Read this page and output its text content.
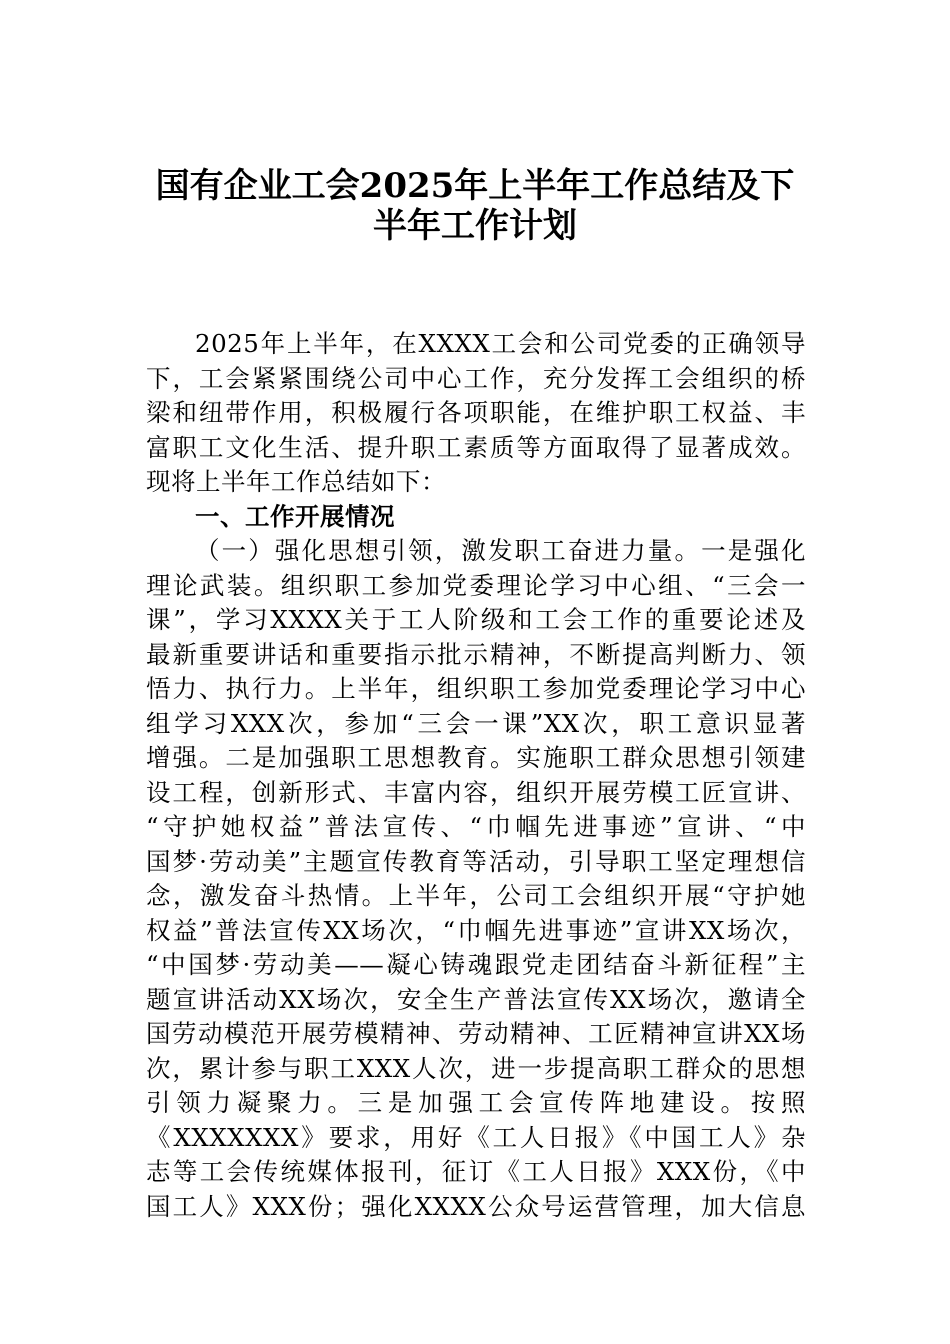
国有企业工会2025年上半年工作总结及下
半年工作计划
2025年上半年，在XXXX工会和公司党委的正确领导
下，工会紧紧围绕公司中心工作，充分发挥工会组织的桥
梁和纽带作用，积极履行各项职能，在维护职工权益、丰
富职工文化生活、提升职工素质等方面取得了显著成效。
现将上半年工作总结如下：
一、工作开展情况
（一）强化思想引领，激发职工奋进力量。一是强化
理论武装。组织职工参加党委理论学习中心组、“三会一
课”，学习XXXX关于工人阶级和工会工作的重要论述及
最新重要讲话和重要指示批示精神，不断提高判断力、领
悟力、执行力。上半年，组织职工参加党委理论学习中心
组学习XXX次，参加“三会一课”XX次，职工意识显著
增强。二是加强职工思想教育。实施职工群众思想引领建
设工程，创新形式、丰富内容，组织开展劳模工匠宣讲、
“守护她权益”普法宣传、“巾帼先进事迹”宣讲、“中
国梦·劳动美”主题宣传教育等活动，引导职工坚定理想信
念，激发奋斗热情。上半年，公司工会组织开展“守护她
权益”普法宣传XX场次，“巾帼先进事迹”宣讲XX场次，
“中国梦·劳动美——凝心铸魂跟党走团结奋斗新征程”主
题宣讲活动XX场次，安全生产普法宣传XX场次，邀请全
国劳动模范开展劳模精神、劳动精神、工匠精神宣讲XX场
次，累计参与职工XXX人次，进一步提高职工群众的思想
引领力凝聚力。三是加强工会宣传阵地建设。按照
《XXXXXXX》要求，用好《工人日报》《中国工人》杂
志等工会传统媒体报刊，征订《工人日报》XXX份，《中
国工人》XXX份；强化XXXX公众号运营管理，加大信息
